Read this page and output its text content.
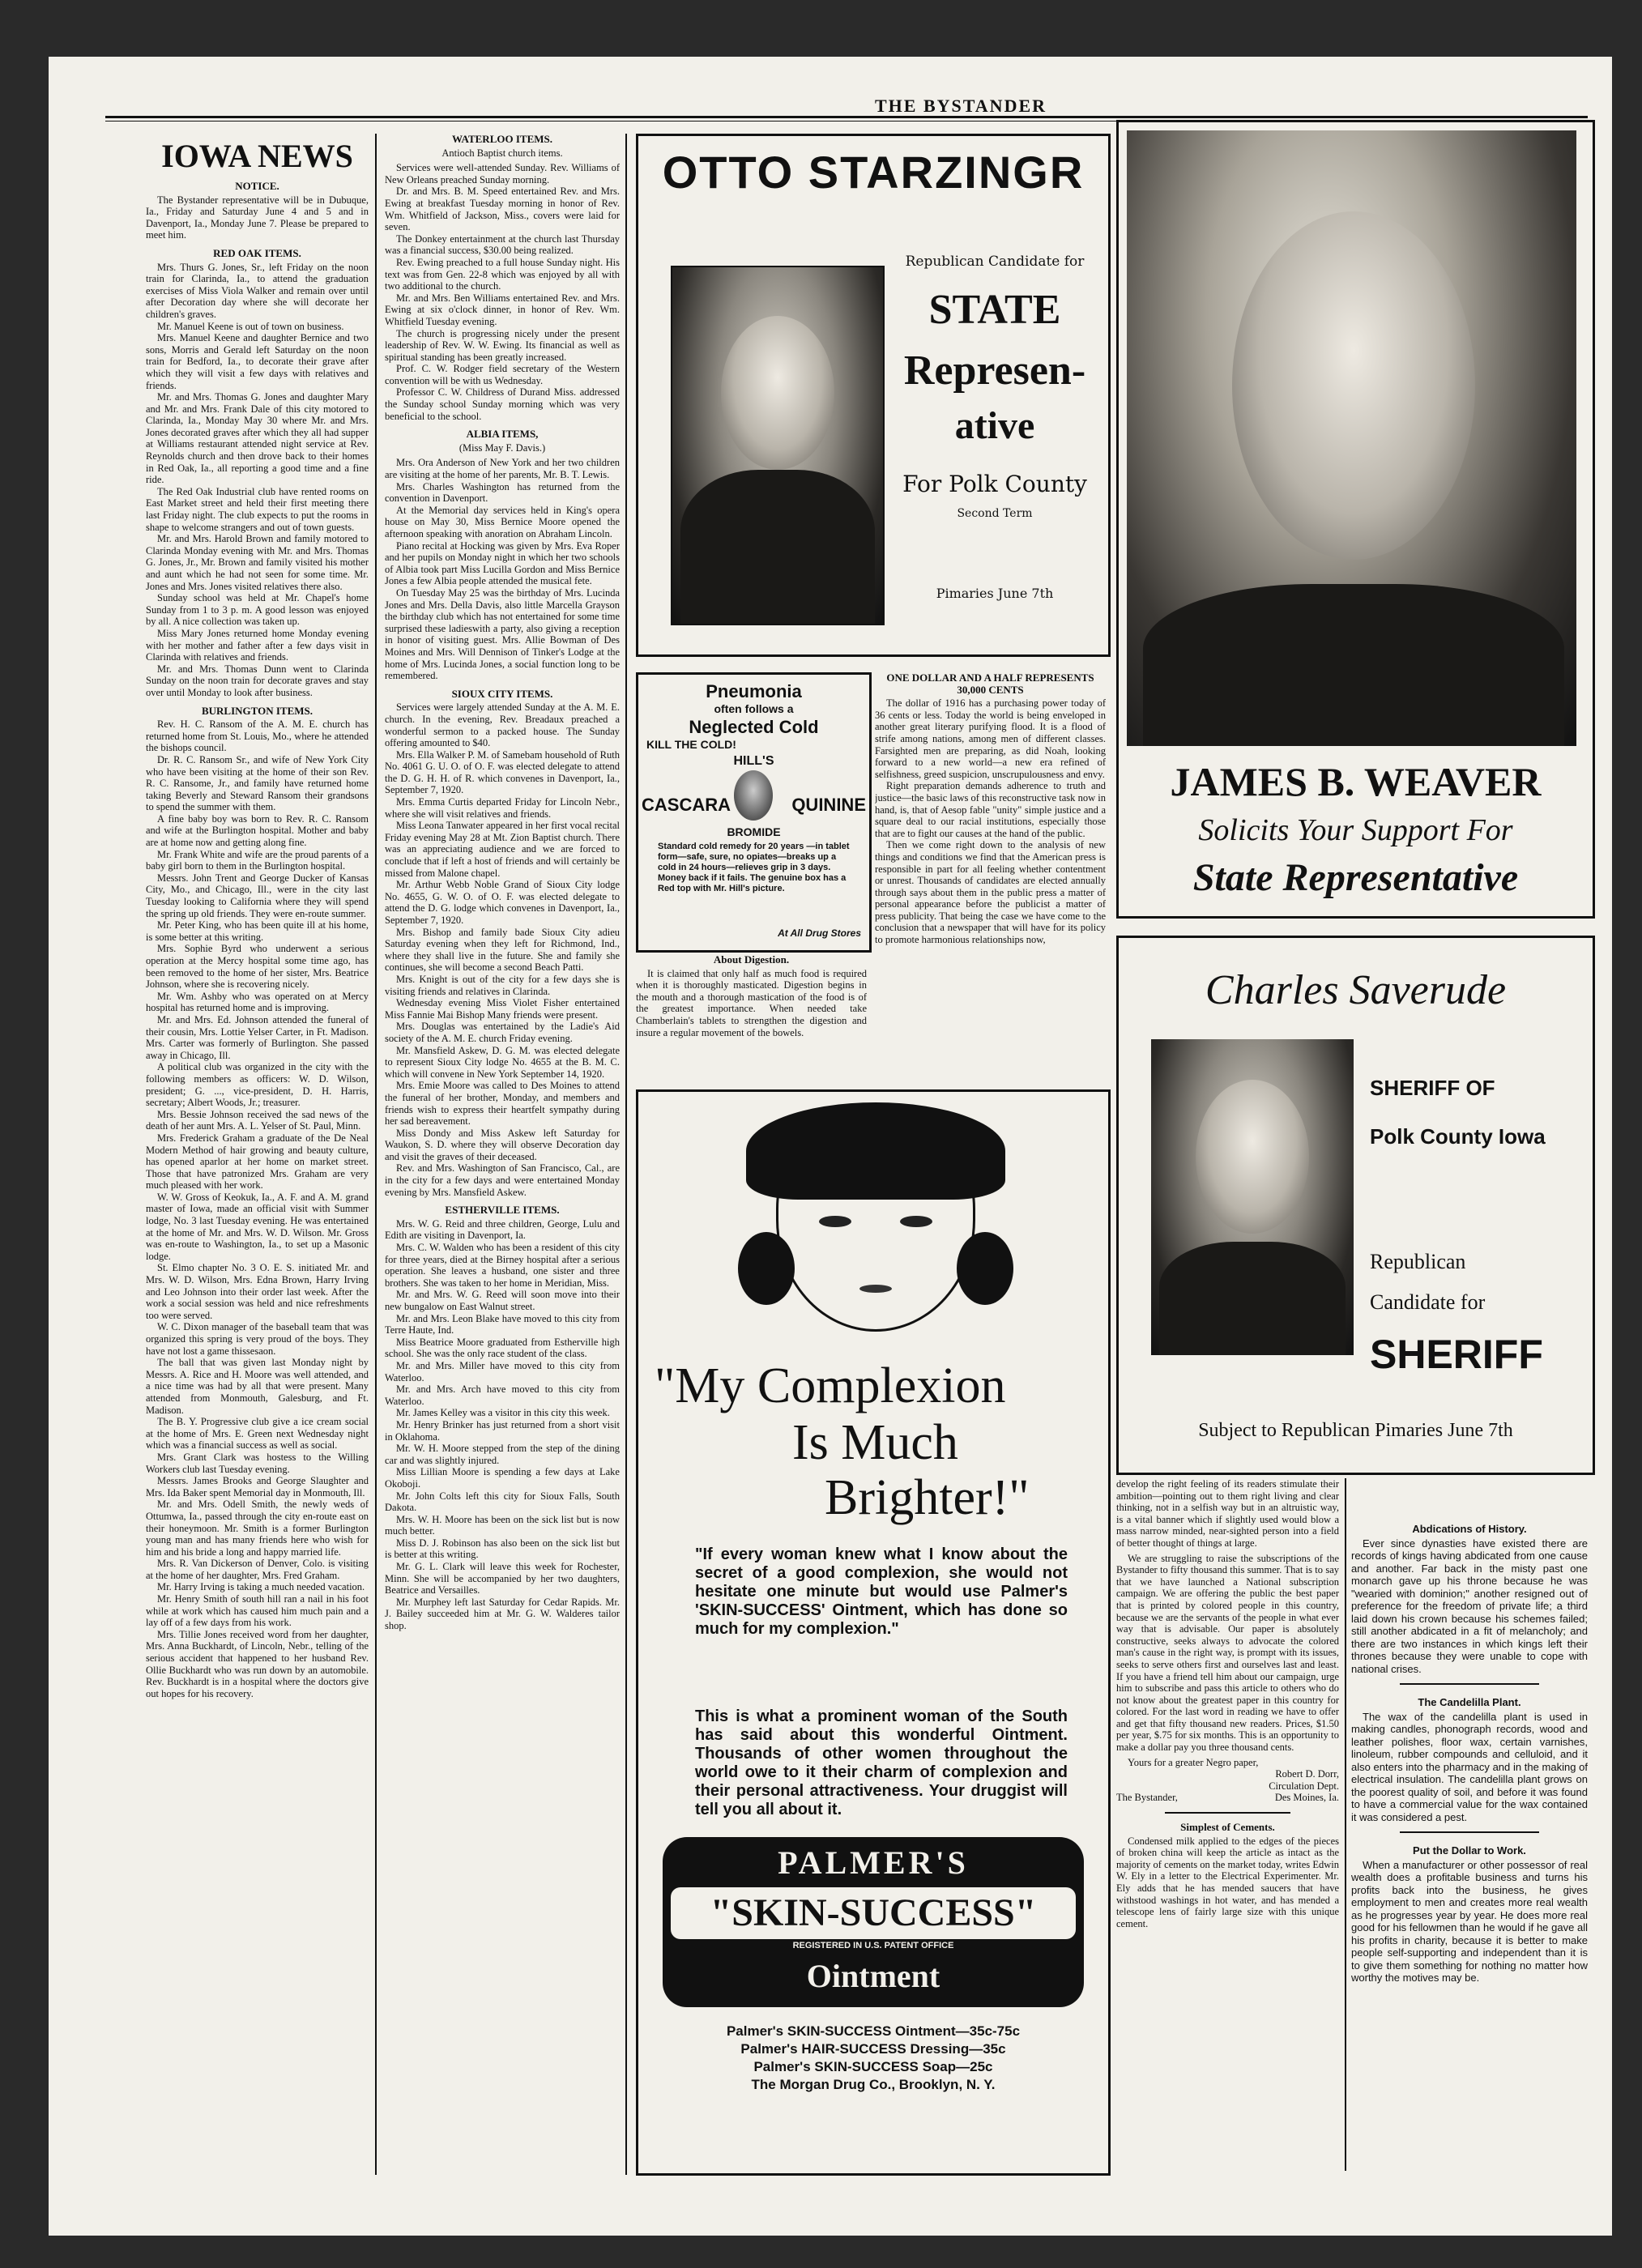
THE BYSTANDER
IOWA NEWS

NOTICE.

The Bystander representative will be in Dubuque, Ia., Friday and Saturday June 4 and 5 and in Davenport, Ia., Monday June 7. Please be prepared to meet him.

RED OAK ITEMS.

Mrs. Thurs G. Jones, Sr., left Friday on the noon train for Clarinda, Ia., to attend the graduation exercises of Miss Viola Walker and remain over until after Decoration day where she will decorate her children's graves.

Mr. Manuel Keene is out of town on business.

Mrs. Manuel Keene and daughter Bernice and two sons, Morris and Gerald left Saturday on the noon train for Bedford, Ia., to decorate their grave after which they will visit a few days with relatives and friends.

Mr. and Mrs. Thomas G. Jones and daughter Mary and Mr. and Mrs. Frank Dale of this city motored to Clarinda, Ia., Monday May 30 where Mr. and Mrs. Jones decorated graves after which they all had supper at Williams restaurant attended night service at Rev. Reynolds church and then drove back to their homes in Red Oak, Ia., all reporting a good time and a fine ride.

The Red Oak Industrial club have rented rooms on East Market street and held their first meeting there last Friday night. The club expects to put the rooms in shape to welcome strangers and out of town guests.

Mr. and Mrs. Harold Brown and family motored to Clarinda Monday evening with Mr. and Mrs. Thomas G. Jones, Jr., Mr. Brown and family visited his mother and aunt which he had not seen for some time. Mr. Jones and Mrs. Jones visited relatives there also.

Sunday school was held at Mr. Chapel's home Sunday from 1 to 3 p. m. A good lesson was enjoyed by all. A nice collection was taken up.

Miss Mary Jones returned home Monday evening with her mother and father after a few days visit in Clarinda with relatives and friends.

Mr. and Mrs. Thomas Dunn went to Clarinda Sunday on the noon train for decorate graves and stay over until Monday to look after business.

BURLINGTON ITEMS.

Rev. H. C. Ransom of the A. M. E. church has returned home from St. Louis, Mo., where he attended the bishops council.

Dr. R. C. Ransom Sr., and wife of New York City who have been visiting at the home of their son Rev. R. C. Ransome, Jr., and family have returned home taking Beverly and Steward Ransom their grandsons to spend the summer with them.

A fine baby boy was born to Rev. R. C. Ransom and wife at the Burlington hospital. Mother and baby are at home now and getting along fine.

Mr. Frank White and wife are the proud parents of a baby girl born to them in the Burlington hospital.

Messrs. John Trent and George Ducker of Kansas City, Mo., and Chicago, Ill., were in the city last Tuesday looking to California where they will spend the spring up old friends. They were en-route summer.

Mr. Peter King, who has been quite ill at his home, is some better at this writing.

Mrs. Sophie Byrd who underwent a serious operation at the Mercy hospital some time ago, has been removed to the home of her sister, Mrs. Beatrice Johnson, where she is recovering nicely.

Mr. Wm. Ashby who was operated on at Mercy hospital has returned home and is improving.

Mr. and Mrs. Ed. Johnson attended the funeral of their cousin, Mrs. Lottie Yelser Carter, in Ft. Madison. Mrs. Carter was formerly of Burlington. She passed away in Chicago, Ill.

A political club was organized in the city with the following members as officers: W. D. Wilson, president; G. ..., vice-president, D. H. Harris, secretary; Albert Woods, Jr.; treasurer.

Mrs. Bessie Johnson received the sad news of the death of her aunt Mrs. A. L. Yelser of St. Paul, Minn.

Mrs. Frederick Graham a graduate of the De Neal Modern Method of hair growing and beauty culture, has opened aparlor at her home on market street. Those that have patronized Mrs. Graham are very much pleased with her work.

W. W. Gross of Keokuk, Ia., A. F. and A. M. grand master of Iowa, made an official visit with Summer lodge, No. 3 last Tuesday evening. He was entertained at the home of Mr. and Mrs. W. D. Wilson. Mr. Gross was en-route to Washington, Ia., to set up a Masonic lodge.

St. Elmo chapter No. 3 O. E. S. initiated Mr. and Mrs. W. D. Wilson, Mrs. Edna Brown, Harry Irving and Leo Johnson into their order last week. After the work a social session was held and nice refreshments too were served.

W. C. Dixon manager of the baseball team that was organized this spring is very proud of the boys. They have not lost a game thissesaon.

The ball that was given last Monday night by Messrs. A. Rice and H. Moore was well attended, and a nice time was had by all that were present. Many attended from Monmouth, Galesburg, and Ft. Madison.

The B. Y. Progressive club give a ice cream social at the home of Mrs. E. Green next Wednesday night which was a financial success as well as social.

Mrs. Grant Clark was hostess to the Willing Workers club last Tuesday evening.

Messrs. James Brooks and George Slaughter and Mrs. Ida Baker spent Memorial day in Monmouth, Ill.

Mr. and Mrs. Odell Smith, the newly weds of Ottumwa, Ia., passed through the city en-route east on their honeymoon. Mr. Smith is a former Burlington young man and has many friends here who wish for him and his bride a long and happy married life.

Mrs. R. Van Dickerson of Denver, Colo. is visiting at the home of her daughter, Mrs. Fred Graham.

Mr. Harry Irving is taking a much needed vacation.

Mr. Henry Smith of south hill ran a nail in his foot while at work which has caused him much pain and a lay off of a few days from his work.

Mrs. Tillie Jones received word from her daughter, Mrs. Anna Buckhardt, of Lincoln, Nebr., telling of the serious accident that happened to her husband Rev. Ollie Buckhardt who was run down by an automobile. Rev. Buckhardt is in a hospital where the doctors give out hopes for his recovery.

WATERLOO ITEMS.

Antioch Baptist church items.

Services were well-attended Sunday. Rev. Williams of New Orleans preached Sunday morning.

Dr. and Mrs. B. M. Speed entertained Rev. and Mrs. Ewing at breakfast Tuesday morning in honor of Rev. Wm. Whitfield of Jackson, Miss., covers were laid for seven.

The Donkey entertainment at the church last Thursday was a financial success, $30.00 being realized.

Rev. Ewing preached to a full house Sunday night. His text was from Gen. 22-8 which was enjoyed by all with two additional to the church.

Mr. and Mrs. Ben Williams entertained Rev. and Mrs. Ewing at six o'clock dinner, in honor of Rev. Wm. Whitfield Tuesday evening.

The church is progressing nicely under the present leadership of Rev. W. W. Ewing. Its financial as well as spiritual standing has been greatly increased.

Prof. C. W. Rodger field secretary of the Western convention will be with us Wednesday.

Professor C. W. Childress of Durand Miss. addressed the Sunday school Sunday morning which was very beneficial to the school.

ALBIA ITEMS,

(Miss May F. Davis.)

Mrs. Ora Anderson of New York and her two children are visiting at the home of her parents, Mr. B. T. Lewis.

Mrs. Charles Washington has returned from the convention in Davenport.

At the Memorial day services held in King's opera house on May 30, Miss Bernice Moore opened the afternoon speaking with anoration on Abraham Lincoln.

Piano recital at Hocking was given by Mrs. Eva Roper and her pupils on Monday night in which her two schools of Albia took part Miss Lucilla Gordon and Miss Bernice Jones a few Albia people attended the musical fete.

On Tuesday May 25 was the birthday of Mrs. Lucinda Jones and Mrs. Della Davis, also little Marcella Grayson the birthday club which has not entertained for some time surprised these ladieswith a party, also giving a reception in honor of visiting guest. Mrs. Allie Bowman of Des Moines and Mrs. Will Dennison of Tinker's Lodge at the home of Mrs. Lucinda Jones, a social function long to be remembered.

SIOUX CITY ITEMS.

Services were largely attended Sunday at the A. M. E. church. In the evening, Rev. Breadaux preached a wonderful sermon to a packed house. The Sunday offering amounted to $40.

Mrs. Ella Walker P. M. of Samebam household of Ruth No. 4061 G. U. O. of O. F. was elected delegate to attend the D. G. H. H. of R. which convenes in Davenport, Ia., September 7, 1920.

Mrs. Emma Curtis departed Friday for Lincoln Nebr., where she will visit relatives and friends.

Miss Leona Tanwater appeared in her first vocal recital Friday evening May 28 at Mt. Zion Baptist church. There was an appreciating audience and we are forced to conclude that if left a host of friends and will certainly be missed from Malone chapel.

Mr. Arthur Webb Noble Grand of Sioux City lodge No. 4655, G. W. O. of O. F. was elected delegate to attend the D. G. lodge which convenes in Davenport, Ia., September 7, 1920.

Mrs. Bishop and family bade Sioux City adieu Saturday evening when they left for Richmond, Ind., where they shall live in the future. She and family she continues, she will become a second Beach Patti.

Mrs. Knight is out of the city for a few days she is visiting friends and relatives in Clarinda.

Wednesday evening Miss Violet Fisher entertained Miss Fannie Mai Bishop Many friends were present.

Mrs. Douglas was entertained by the Ladie's Aid society of the A. M. E. church Friday evening.

Mr. Mansfield Askew, D. G. M. was elected delegate to represent Sioux City lodge No. 4655 at the B. M. C. which will convene in New York September 14, 1920.

Mrs. Emie Moore was called to Des Moines to attend the funeral of her brother, Monday, and members and friends wish to express their heartfelt sympathy during her sad bereavement.

Miss Dondy and Miss Askew left Saturday for Waukon, S. D. where they will observe Decoration day and visit the graves of their deceased.

Rev. and Mrs. Washington of San Francisco, Cal., are in the city for a few days and were entertained Monday evening by Mrs. Mansfield Askew.

ESTHERVILLE ITEMS.

Mrs. W. G. Reid and three children, George, Lulu and Edith are visiting in Davenport, Ia.

Mrs. C. W. Walden who has been a resident of this city for three years, died at the Birney hospital after a serious operation. She leaves a husband, one sister and three brothers. She was taken to her home in Meridian, Miss.

Mr. and Mrs. W. G. Reed will soon move into their new bungalow on East Walnut street.

Mr. and Mrs. Leon Blake have moved to this city from Terre Haute, Ind.

Miss Beatrice Moore graduated from Estherville high school. She was the only race student of the class.

Mr. and Mrs. Miller have moved to this city from Waterloo.

Mr. and Mrs. Arch have moved to this city from Waterloo.

Mr. James Kelley was a visitor in this city this week.

Mr. Henry Brinker has just returned from a short visit in Oklahoma.

Mr. W. H. Moore stepped from the step of the dining car and was slightly injured.

Miss Lillian Moore is spending a few days at Lake Okoboji.

Mr. John Colts left this city for Sioux Falls, South Dakota.

Mrs. W. H. Moore has been on the sick list but is now much better.

Miss D. J. Robinson has also been on the sick list but is better at this writing.

Mr. G. L. Clark will leave this week for Rochester, Minn. She will be accompanied by her two daughters, Beatrice and Versailles.

Mr. Murphey left last Saturday for Cedar Rapids. Mr. J. Bailey succeeded him at Mr. G. W. Walderes tailor shop.

OTTO STARZINGR
Republican Candidate for
STATE
Represen-
ative
For Polk County
Second Term
Pimaries June 7th
Pneumonia
often follows a
Neglected Cold
KILL THE COLD!
HILL'S
CASCARA	QUININE
BROMIDE
Standard cold remedy for 20 years —in tablet form—safe, sure, no opiates—breaks up a cold in 24 hours—relieves grip in 3 days. Money back if it fails. The genuine box has a Red top with Mr. Hill's picture.
At All Drug Stores

About Digestion.

It is claimed that only half as much food is required when it is thoroughly masticated. Digestion begins in the mouth and a thorough mastication of the food is of the greatest importance. When needed take Chamberlain's tablets to strengthen the digestion and insure a regular movement of the bowels.

ONE DOLLAR AND A HALF REPRESENTS 30,000 CENTS

The dollar of 1916 has a purchasing power today of 36 cents or less. Today the world is being enveloped in another great literary purifying flood. It is a flood of strife among nations, among men of different classes. Farsighted men are preparing, as did Noah, looking forward to a new world—a new era refined of selfishness, greed suspicion, unscrupulousness and envy.

Right preparation demands adherence to truth and justice—the basic laws of this reconstructive task now in hand, is, that of Aesop fable "unity" simple justice and a square deal to our racial institutions, especially those that are to fight our causes at the hand of the public.

Then we come right down to the analysis of new things and conditions we find that the American press is responsible in part for all feeling whether contentment or unrest. Thousands of candidates are elected annually through says about them in the public press a matter of personal appearance before the publicist a matter of press publicity. That being the case we have come to the conclusion that a newspaper that will have for its policy to promote harmonious relationships now,

"My Complexion
Is Much
Brighter!"
"If every woman knew what I know about the secret of a good complexion, she would not hesitate one minute but would use Palmer's 'SKIN-SUCCESS' Ointment, which has done so much for my complexion."
This is what a prominent woman of the South has said about this wonderful Ointment. Thousands of other women throughout the world owe to it their charm of complexion and their personal attractiveness. Your druggist will tell you all about it.
PALMER'S
"SKIN-SUCCESS"
REGISTERED IN U.S. PATENT OFFICE
Ointment
Palmer's SKIN-SUCCESS Ointment—35c-75c
Palmer's HAIR-SUCCESS Dressing—35c
Palmer's SKIN-SUCCESS Soap—25c
The Morgan Drug Co., Brooklyn, N. Y.
JAMES B. WEAVER
Solicits Your Support For
State Representative
Charles Saverude
SHERIFF OF
Polk County Iowa
Republican
Candidate for
SHERIFF
Subject to Republican Pimaries June 7th

develop the right feeling of its readers stimulate their ambition—pointing out to them right living and clear thinking, not in a selfish way but in an altruistic way, is a vital banner which if slightly used would blow a mass narrow minded, near-sighted person into a field of better thought of things at large.

We are struggling to raise the subscriptions of the Bystander to fifty thousand this summer. That is to say that we have launched a National subscription campaign. We are offering the public the best paper that is printed by colored people in this country, because we are the servants of the people in what ever way that is advisable. Our paper is absolutely constructive, seeks always to advocate the colored man's cause in the right way, is prompt with its issues, seeks to serve others first and ourselves last and least. If you have a friend tell him about our campaign, urge him to subscribe and pass this article to others who do not know about the greatest paper in this country for colored. For the last word in reading we have to offer and get that fifty thousand new readers. Prices, $1.50 per year, $.75 for six months. This is an opportunity to make a dollar pay you three thousand cents.

Yours for a greater Negro paper,

Robert D. Dorr,

Circulation Dept.

The Bystander,	Des Moines, Ia.

Simplest of Cements.

Condensed milk applied to the edges of the pieces of broken china will keep the article as intact as the majority of cements on the market today, writes Edwin W. Ely in a letter to the Electrical Experimenter. Mr. Ely adds that he has mended saucers that have withstood washings in hot water, and has mended a telescope lens of fairly large size with this unique cement.

Abdications of History.

Ever since dynasties have existed there are records of kings having abdicated from one cause and another. Far back in the misty past one monarch gave up his throne because he was "wearied with dominion;" another resigned out of preference for the freedom of private life; a third laid down his crown because his schemes failed; still another abdicated in a fit of melancholy; and there are two instances in which kings left their thrones because they were unable to cope with national crises.

The Candelilla Plant.

The wax of the candelilla plant is used in making candles, phonograph records, wood and leather polishes, floor wax, certain varnishes, linoleum, rubber compounds and celluloid, and it also enters into the pharmacy and in the making of electrical insulation. The candelilla plant grows on the poorest quality of soil, and before it was found to have a commercial value for the wax contained it was considered a pest.

Put the Dollar to Work.

When a manufacturer or other possessor of real wealth does a profitable business and turns his profits back into the business, he gives employment to men and creates more real wealth as he progresses year by year. He does more real good for his fellowmen than he would if he gave all his profits in charity, because it is better to make people self-supporting and independent than it is to give them something for nothing no matter how worthy the motives may be.
